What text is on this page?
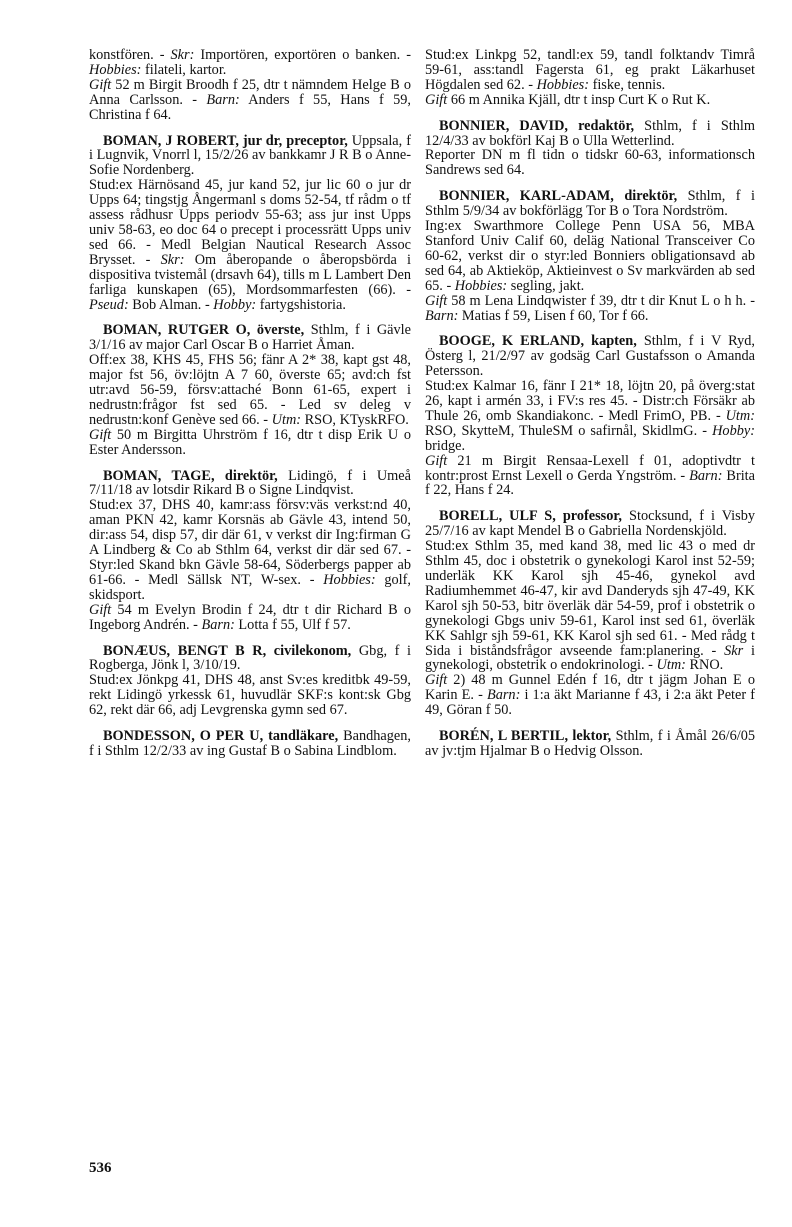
konstfören. - Skr: Importören, exportören o banken. - Hobbies: filateli, kartor.

Gift 52 m Birgit Broodh f 25, dtr t nämndem Helge B o Anna Carlsson. - Barn: Anders f 55, Hans f 59, Christina f 64.

BOMAN, J ROBERT, jur dr, preceptor, Uppsala, f i Lugnvik, Vnorrl l, 15/2/26 av bankkamr J R B o Anne-Sofie Nordenberg.

Stud:ex Härnösand 45, jur kand 52, jur lic 60 o jur dr Upps 64; tingstjg Ångermanl s doms 52-54, tf rådm o tf assess rådhusr Upps periodv 55-63; ass jur inst Upps univ 58-63, eo doc 64 o precept i processrätt Upps univ sed 66. - Medl Belgian Nautical Research Assoc Brysset. - Skr: Om åberopande o åberopsbörda i dispositiva tvistemål (drsavh 64), tills m L Lambert Den farliga kunskapen (65), Mordsommarfesten (66). - Pseud: Bob Alman. - Hobby: fartygshistoria.

BOMAN, RUTGER O, överste, Sthlm, f i Gävle 3/1/16 av major Carl Oscar B o Harriet Åman.

Off:ex 38, KHS 45, FHS 56; fänr A 2* 38, kapt gst 48, major fst 56, öv:löjtn A 7 60, överste 65; avd:ch fst utr:avd 56-59, försv:attaché Bonn 61-65, expert i nedrustn:frågor fst sed 65. - Led sv deleg v nedrustn:konf Genève sed 66. - Utm: RSO, KTyskRFO.

Gift 50 m Birgitta Uhrström f 16, dtr t disp Erik U o Ester Andersson.

BOMAN, TAGE, direktör, Lidingö, f i Umeå 7/11/18 av lotsdir Rikard B o Signe Lindqvist.

Stud:ex 37, DHS 40, kamr:ass försv:väs verkst:nd 40, aman PKN 42, kamr Korsnäs ab Gävle 43, intend 50, dir:ass 54, disp 57, dir där 61, v verkst dir Ing:firman G A Lindberg & Co ab Sthlm 64, verkst dir där sed 67. - Styr:led Skand bkn Gävle 58-64, Söderbergs papper ab 61-66. - Medl Sällsk NT, W-sex. - Hobbies: golf, skidsport.

Gift 54 m Evelyn Brodin f 24, dtr t dir Richard B o Ingeborg Andrén. - Barn: Lotta f 55, Ulf f 57.

BONÆUS, BENGT B R, civilekonom, Gbg, f i Rogberga, Jönk l, 3/10/19.

Stud:ex Jönkpg 41, DHS 48, anst Sv:es kreditbk 49-59, rekt Lidingö yrkessk 61, huvudlär SKF:s kont:sk Gbg 62, rekt där 66, adj Levgrenska gymn sed 67.

BONDESSON, O PER U, tandläkare, Bandhagen, f i Sthlm 12/2/33 av ing Gustaf B o Sabina Lindblom.

Stud:ex Linkpg 52, tandl:ex 59, tandl folktandv Timrå 59-61, ass:tandl Fagersta 61, eg prakt Läkarhuset Högdalen sed 62. - Hobbies: fiske, tennis.

Gift 66 m Annika Kjäll, dtr t insp Curt K o Rut K.

BONNIER, DAVID, redaktör, Sthlm, f i Sthlm 12/4/33 av bokförl Kaj B o Ulla Wetterlind.

Reporter DN m fl tidn o tidskr 60-63, informationsch Sandrews sed 64.

BONNIER, KARL-ADAM, direktör, Sthlm, f i Sthlm 5/9/34 av bokförlägg Tor B o Tora Nordström.

Ing:ex Swarthmore College Penn USA 56, MBA Stanford Univ Calif 60, deläg National Transceiver Co 60-62, verkst dir o styr:led Bonniers obligationsavd ab sed 64, ab Aktieköp, Aktieinvest o Sv markvärden ab sed 65. - Hobbies: segling, jakt.

Gift 58 m Lena Lindqwister f 39, dtr t dir Knut L o h h. - Barn: Matias f 59, Lisen f 60, Tor f 66.

BOOGE, K ERLAND, kapten, Sthlm, f i V Ryd, Österg l, 21/2/97 av godsäg Carl Gustafsson o Amanda Petersson.

Stud:ex Kalmar 16, fänr I 21* 18, löjtn 20, på överg:stat 26, kapt i armén 33, i FV:s res 45. - Distr:ch Försäkr ab Thule 26, omb Skandiakonc. - Medl FrimO, PB. - Utm: RSO, SkytteM, ThuleSM o safirnål, SkidlmG. - Hobby: bridge.

Gift 21 m Birgit Rensaa-Lexell f 01, adoptivdtr t kontr:prost Ernst Lexell o Gerda Yngström. - Barn: Brita f 22, Hans f 24.

BORELL, ULF S, professor, Stocksund, f i Visby 25/7/16 av kapt Mendel B o Gabriella Nordenskjöld.

Stud:ex Sthlm 35, med kand 38, med lic 43 o med dr Sthlm 45, doc i obstetrik o gynekologi Karol inst 52-59; underläk KK Karol sjh 45-46, gynekol avd Radiumhemmet 46-47, kir avd Danderyds sjh 47-49, KK Karol sjh 50-53, bitr överläk där 54-59, prof i obstetrik o gynekologi Gbgs univ 59-61, Karol inst sed 61, överläk KK Sahlgr sjh 59-61, KK Karol sjh sed 61. - Med rådg t Sida i biståndsfrågor avseende fam:planering. - Skr i gynekologi, obstetrik o endokrinologi. - Utm: RNO.

Gift 2) 48 m Gunnel Edén f 16, dtr t jägm Johan E o Karin E. - Barn: i 1:a äkt Marianne f 43, i 2:a äkt Peter f 49, Göran f 50.

BORÉN, L BERTIL, lektor, Sthlm, f i Åmål 26/6/05 av jv:tjm Hjalmar B o Hedvig Olsson.

536
